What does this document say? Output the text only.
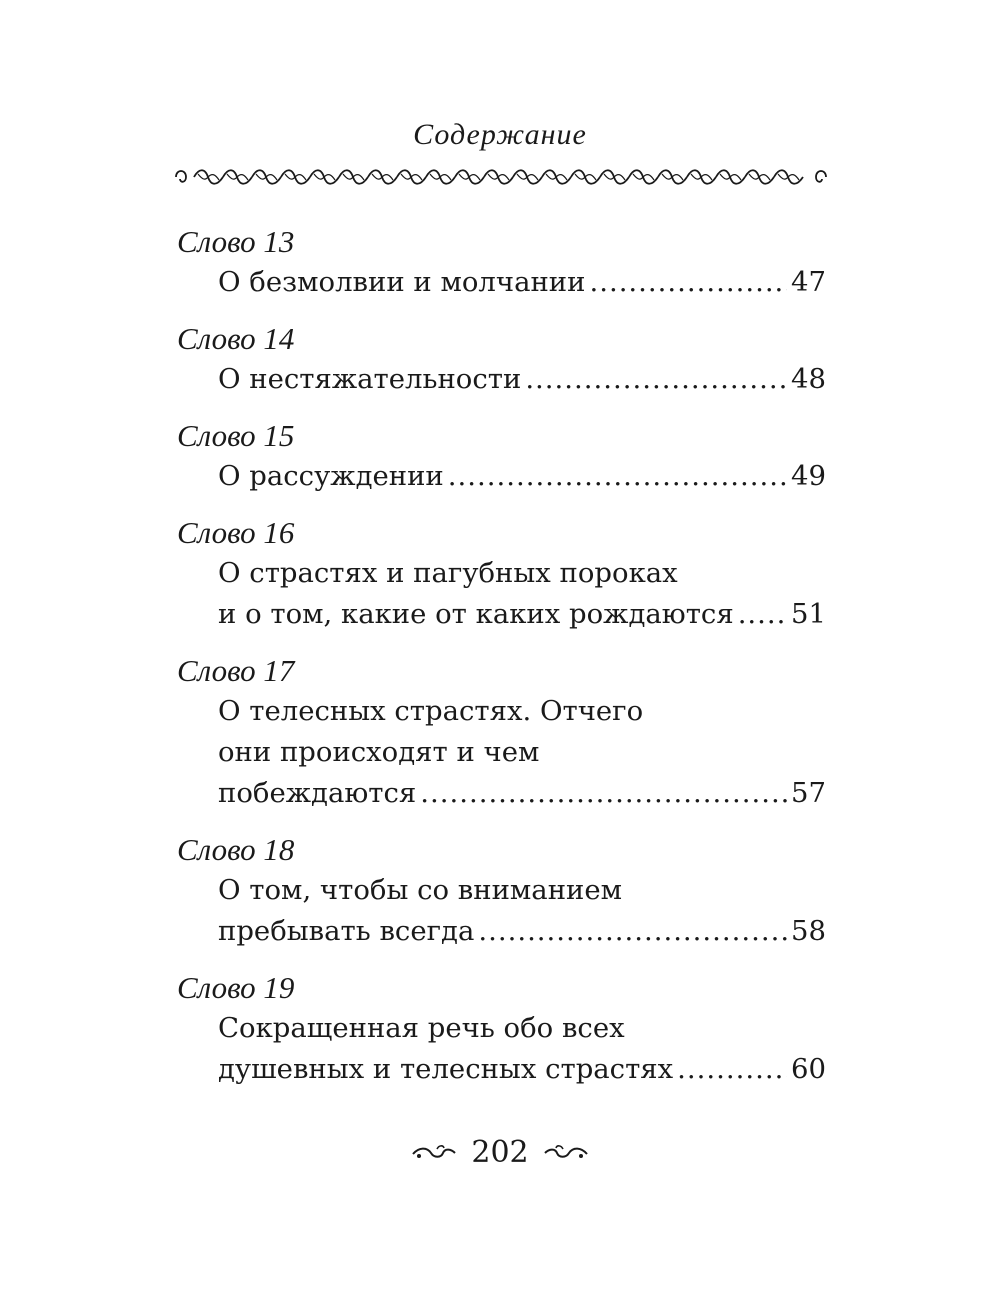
Содержание
Слово 13
О безмолвии и молчании .....	47
Слово 14
О нестяжательности .....	48
Слово 15
О рассуждении .....	49
Слово 16
О страстях и пагубных пороках
и о том, какие от каких рождаются ..... 51
Слово 17
О телесных страстях. Отчего
они происходят и чем
побеждаются .....	57
Слово 18
О том, чтобы со вниманием
пребывать всегда .....	58
Слово 19
Сокращенная речь обо всех
душевных и телесных страстях .....	60
202
